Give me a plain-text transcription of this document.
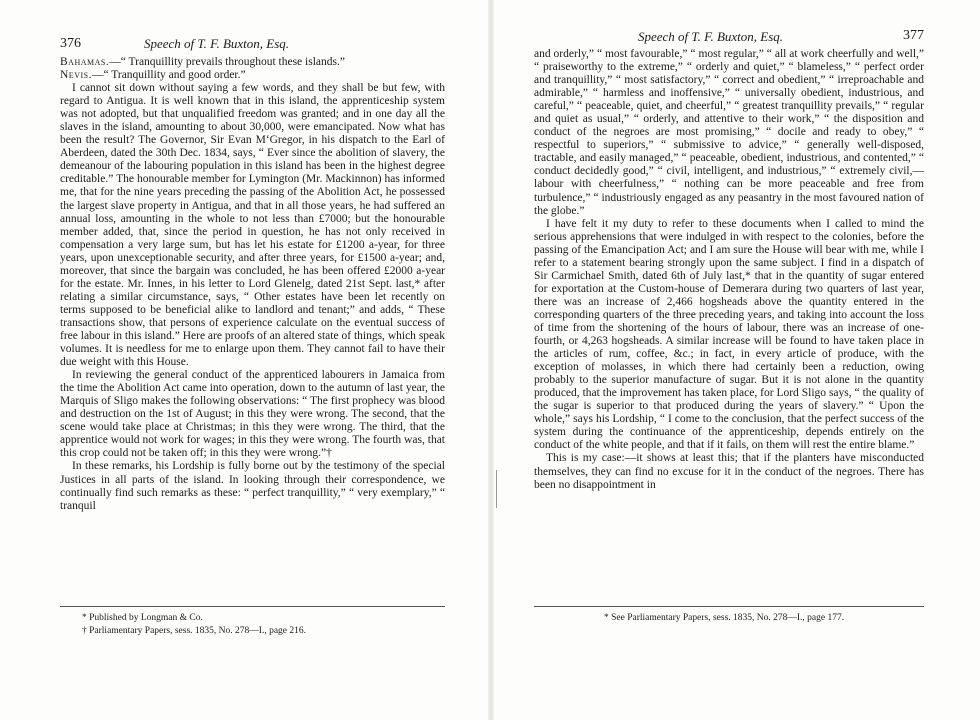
376	Speech of T. F. Buxton, Esq.

Bahamas.—“ Tranquillity prevails throughout these islands.”

Nevis.—“ Tranquillity and good order.”

I cannot sit down without saying a few words, and they shall be but few, with regard to Antigua. It is well known that in this island, the apprenticeship system was not adopted, but that unqualified freedom was granted; and in one day all the slaves in the island, amounting to about 30,000, were emancipated. Now what has been the result? The Governor, Sir Evan M‘Gregor, in his dispatch to the Earl of Aberdeen, dated the 30th Dec. 1834, says, “ Ever since the abolition of slavery, the demeanour of the labouring population in this island has been in the highest degree creditable.” The honourable member for Lymington (Mr. Mackinnon) has informed me, that for the nine years preceding the passing of the Abolition Act, he possessed the largest slave property in Antigua, and that in all those years, he had suffered an annual loss, amounting in the whole to not less than £7000; but the honourable member added, that, since the period in question, he has not only received in compensation a very large sum, but has let his estate for £1200 a-year, for three years, upon unexceptionable security, and after three years, for £1500 a-year; and, moreover, that since the bargain was concluded, he has been offered £2000 a-year for the estate. Mr. Innes, in his letter to Lord Glenelg, dated 21st Sept. last,* after relating a similar circumstance, says, “ Other estates have been let recently on terms supposed to be beneficial alike to landlord and tenant;” and adds, “ These transactions show, that persons of experience calculate on the eventual success of free labour in this island.” Here are proofs of an altered state of things, which speak volumes. It is needless for me to enlarge upon them. They cannot fail to have their due weight with this House.

In reviewing the general conduct of the apprenticed labourers in Jamaica from the time the Abolition Act came into operation, down to the autumn of last year, the Marquis of Sligo makes the following observations: “ The first prophecy was blood and destruction on the 1st of August; in this they were wrong. The second, that the scene would take place at Christmas; in this they were wrong. The third, that the apprentice would not work for wages; in this they were wrong. The fourth was, that this crop could not be taken off; in this they were wrong.”†

In these remarks, his Lordship is fully borne out by the testimony of the special Justices in all parts of the island. In looking through their correspondence, we continually find such remarks as these: “ perfect tranquillity,” “ very exemplary,” “ tranquil

* Published by Longman & Co.
† Parliamentary Papers, sess. 1835, No. 278—I., page 216.
Speech of T. F. Buxton, Esq.	377

and orderly,” “ most favourable,” “ most regular,” “ all at work cheerfully and well,” “ praiseworthy to the extreme,” “ orderly and quiet,” “ blameless,” “ perfect order and tranquillity,” “ most satisfactory,” “ correct and obedient,” “ irreproachable and admirable,” “ harmless and inoffensive,” “ universally obedient, industrious, and careful,” “ peaceable, quiet, and cheerful,” “ greatest tranquillity prevails,” “ regular and quiet as usual,” “ orderly, and attentive to their work,” “ the disposition and conduct of the negroes are most promising,” “ docile and ready to obey,” “ respectful to superiors,” “ submissive to advice,” “ generally well-disposed, tractable, and easily managed,” “ peaceable, obedient, industrious, and contented,” “ conduct decidedly good,” “ civil, intelligent, and industrious,” “ extremely civil,—labour with cheerfulness,” “ nothing can be more peaceable and free from turbulence,” “ industriously engaged as any peasantry in the most favoured nation of the globe.”

I have felt it my duty to refer to these documents when I called to mind the serious apprehensions that were indulged in with respect to the colonies, before the passing of the Emancipation Act; and I am sure the House will bear with me, while I refer to a statement bearing strongly upon the same subject. I find in a dispatch of Sir Carmichael Smith, dated 6th of July last,* that in the quantity of sugar entered for exportation at the Custom-house of Demerara during two quarters of last year, there was an increase of 2,466 hogsheads above the quantity entered in the corresponding quarters of the three preceding years, and taking into account the loss of time from the shortening of the hours of labour, there was an increase of one-fourth, or 4,263 hogsheads. A similar increase will be found to have taken place in the articles of rum, coffee, &c.; in fact, in every article of produce, with the exception of molasses, in which there had certainly been a reduction, owing probably to the superior manufacture of sugar. But it is not alone in the quantity produced, that the improvement has taken place, for Lord Sligo says, “ the quality of the sugar is superior to that produced during the years of slavery.” “ Upon the whole,” says his Lordship, “ I come to the conclusion, that the perfect success of the system during the continuance of the apprenticeship, depends entirely on the conduct of the white people, and that if it fails, on them will rest the entire blame.”

This is my case:—it shows at least this; that if the planters have misconducted themselves, they can find no excuse for it in the conduct of the negroes. There has been no disappointment in

* See Parliamentary Papers, sess. 1835, No. 278—I., page 177.
